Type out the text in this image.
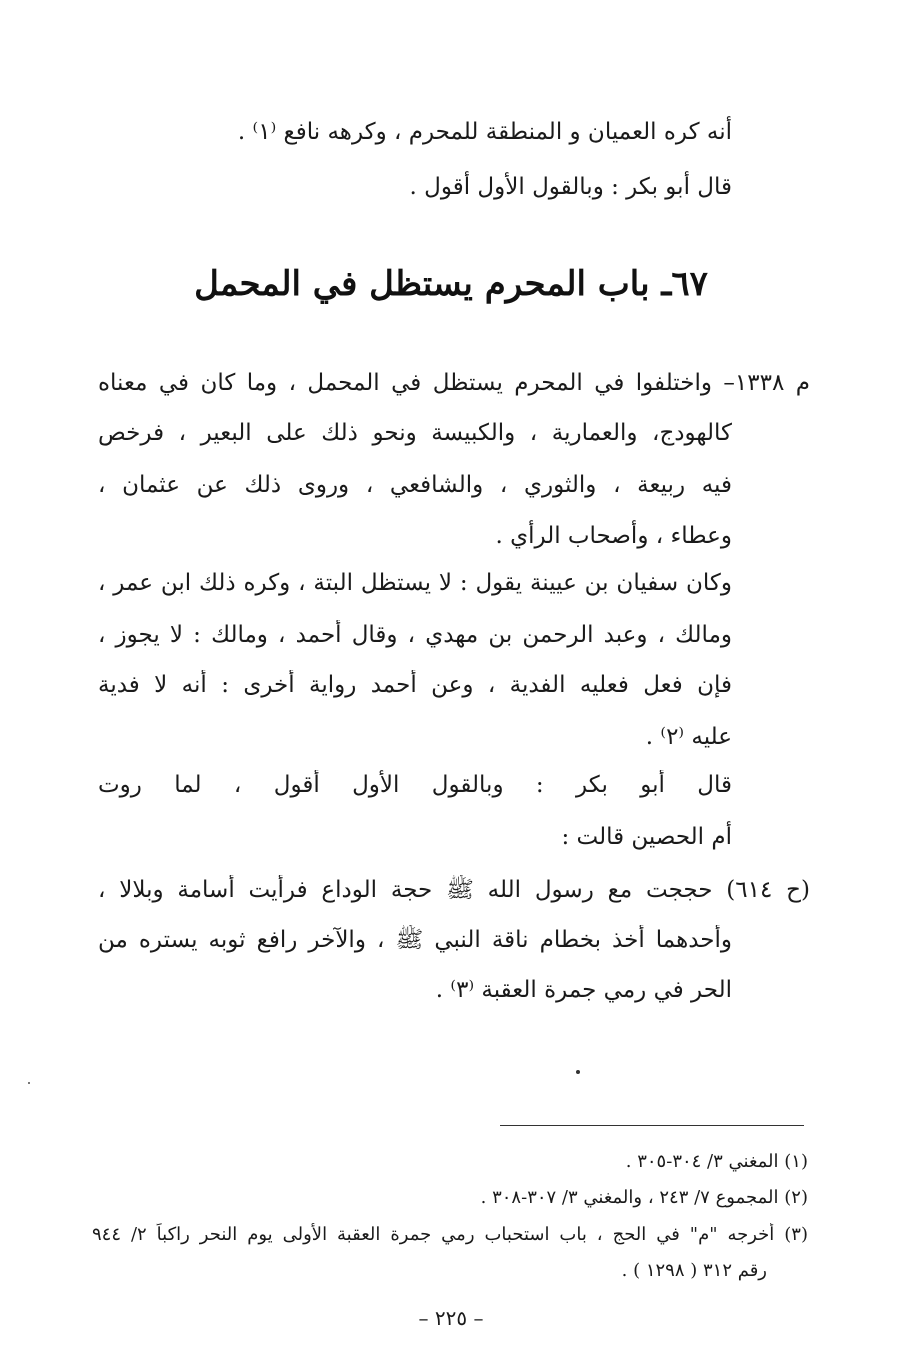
أنه كره العميان و المنطقة للمحرم ، وكرهه نافع ⁽١⁾ .
قال أبو بكر : وبالقول الأول أقول .
٦٧ـ باب المحرم يستظل في المحمل
م ١٣٣٨– واختلفوا في المحرم يستظل في المحمل ، وما كان في معناه
كالهودج، والعمارية ، والكبيسة ونحو ذلك على البعير ، فرخص
فيه ربيعة ، والثوري ، والشافعي ، وروى ذلك عن عثمان ،
وعطاء ، وأصحاب الرأي .
وكان سفيان بن عيينة يقول : لا يستظل البتة ، وكره ذلك ابن عمر ،
ومالك ، وعبد الرحمن بن مهدي ، وقال أحمد ، ومالك : لا يجوز ،
فإن فعل فعليه الفدية ، وعن أحمد رواية أخرى : أنه لا فدية
عليه ⁽٢⁾ .
قال أبو بكر : وبالقول الأول أقول ، لما روت
أم الحصين قالت :
(ح ٦١٤) حججت مع رسول الله ﷺ حجة الوداع فرأيت أسامة وبلالا ،
وأحدهما أخذ بخطام ناقة النبي ﷺ ، والآخر رافع ثوبه يستره من
الحر في رمي جمرة العقبة ⁽٣⁾ .
(١) المغني ٣/ ٣٠٤-٣٠٥ .
(٢) المجموع ٧/ ٢٤٣ ، والمغني ٣/ ٣٠٧-٣٠٨ .
(٣) أخرجه "م" في الحج ، باب استحباب رمي جمرة العقبة الأولى يوم النحر راكباً ٢/ ٩٤٤
رقم ٣١٢ ( ١٢٩٨ ) .
– ٢٢٥ –
